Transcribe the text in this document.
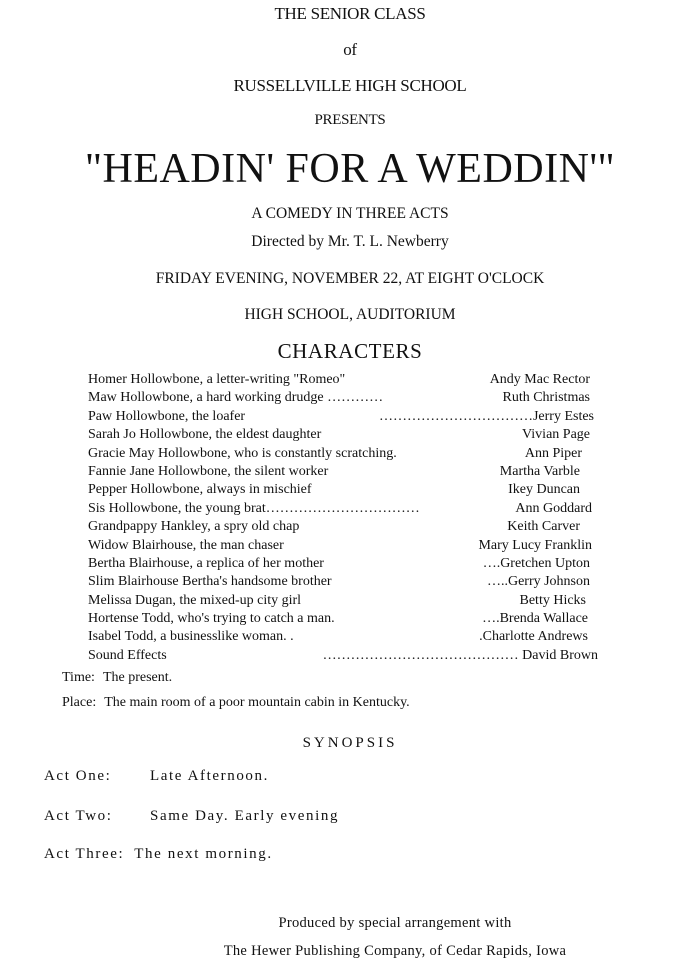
THE SENIOR CLASS
of
RUSSELLVILLE HIGH SCHOOL
PRESENTS
"HEADIN' FOR A WEDDIN'"
A COMEDY IN THREE ACTS
Directed by Mr. T. L. Newberry
FRIDAY EVENING, NOVEMBER 22, AT EIGHT O'CLOCK
HIGH SCHOOL, AUDITORIUM
CHARACTERS
Homer Hollowbone, a letter-writing "Romeo"	Andy Mac Rector
Maw Hollowbone, a hard working drudge …………	Ruth Christmas
Paw Hollowbone, the loafer	……………………………Jerry Estes
Sarah Jo Hollowbone, the eldest daughter	Vivian Page
Gracie May Hollowbone, who is constantly scratching.	Ann Piper
Fannie Jane Hollowbone, the silent worker	Martha Varble
Pepper Hollowbone, always in mischief	Ikey Duncan
Sis Hollowbone, the young brat……………………………	Ann Goddard
Grandpappy Hankley, a spry old chap	Keith Carver
Widow Blairhouse, the man chaser	Mary Lucy Franklin
Bertha Blairhouse, a replica of her mother	….Gretchen Upton
Slim Blairhouse Bertha's handsome brother	…..Gerry Johnson
Melissa Dugan, the mixed-up city girl	Betty Hicks
Hortense Todd, who's trying to catch a man.	….Brenda Wallace
Isabel Todd, a businesslike woman. .	.Charlotte Andrews
Sound Effects	…………………………………… David Brown
Time: The present.
Place: The main room of a poor mountain cabin in Kentucky.
SYNOPSIS
Act One:	Late Afternoon.
Act Two: Same Day. Early evening
Act Three: The next morning.
Produced by special arrangement with
The Hewer Publishing Company, of Cedar Rapids, Iowa
